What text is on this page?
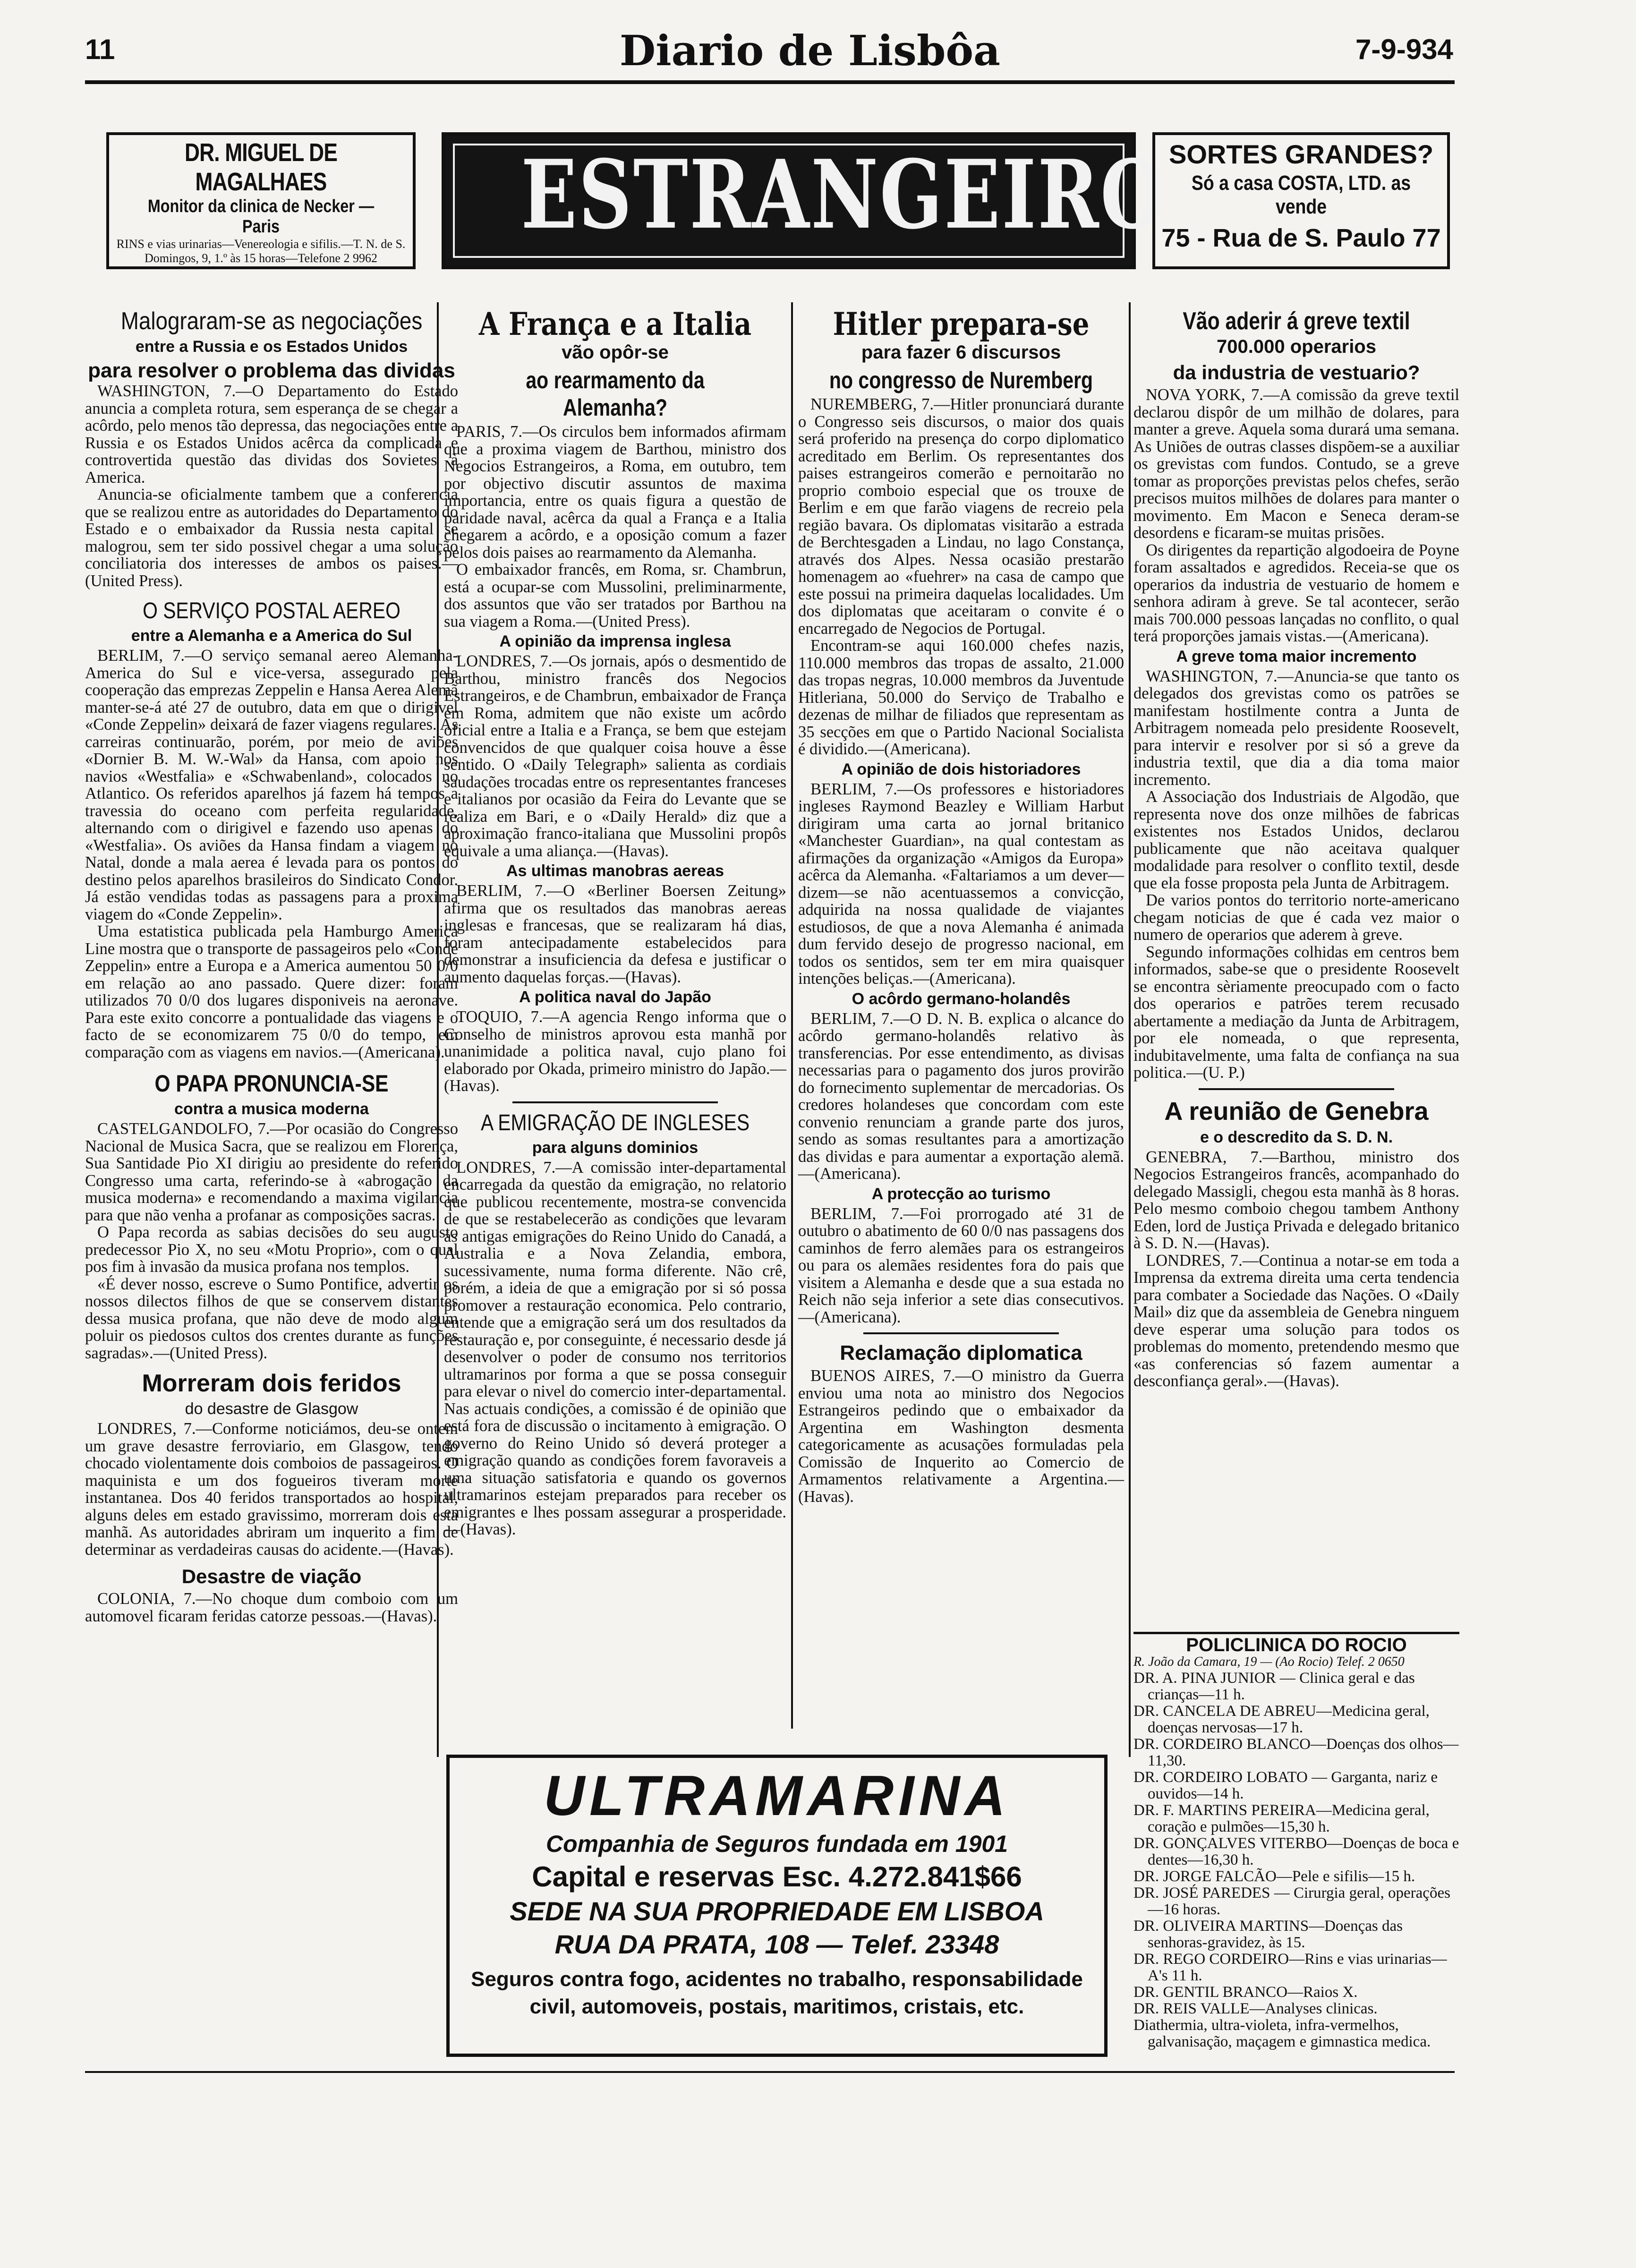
11	Diario de Lisbôa	7-9-934
DR. MIGUEL DE MAGALHAES
Monitor da clinica de Necker — Paris
RINS e vias urinarias—Venereologia e sifilis.—T. N. de S. Domingos, 9, 1.º às 15 horas—Telefone 2 9962
ESTRANGEIRO SORTES GRANDES?
Só a casa COSTA, LTD. as vende
75 - Rua de S. Paulo 77
Malograram-se as negociações
entre a Russia e os Estados Unidos
para resolver o problema das dividas

WASHINGTON, 7.—O Departamento do Estado anuncia a completa rotura, sem esperança de se chegar a acôrdo, pelo menos tão depressa, das negociações entre a Russia e os Estados Unidos acêrca da complicada e controvertida questão das dividas dos Sovietes à America.

Anuncia-se oficialmente tambem que a conferencia que se realizou entre as autoridades do Departamento do Estado e o embaixador da Russia nesta capital se malogrou, sem ter sido possivel chegar a uma solução conciliatoria dos interesses de ambos os paises.—(United Press).

O SERVIÇO POSTAL AEREO
entre a Alemanha e a America do Sul

BERLIM, 7.—O serviço semanal aereo Alemanha-America do Sul e vice-versa, assegurado pela cooperação das emprezas Zeppelin e Hansa Aerea Alemã manter-se-á até 27 de outubro, data em que o dirigivel «Conde Zeppelin» deixará de fazer viagens regulares. As carreiras continuarão, porém, por meio de aviões «Dornier B. M. W.-Wal» da Hansa, com apoio nos navios «Westfalia» e «Schwabenland», colocados no Atlantico. Os referidos aparelhos já fazem há tempos a travessia do oceano com perfeita regularidade, alternando com o dirigivel e fazendo uso apenas do «Westfalia». Os aviões da Hansa findam a viagem no Natal, donde a mala aerea é levada para os pontos do destino pelos aparelhos brasileiros do Sindicato Condor. Já estão vendidas todas as passagens para a proxima viagem do «Conde Zeppelin».

Uma estatistica publicada pela Hamburgo America Line mostra que o transporte de passageiros pelo «Conde Zeppelin» entre a Europa e a America aumentou 50 0/0 em relação ao ano passado. Quere dizer: foram utilizados 70 0/0 dos lugares disponiveis na aeronave. Para este exito concorre a pontualidade das viagens e o facto de se economizarem 75 0/0 do tempo, em comparação com as viagens em navios.—(Americana).

O PAPA PRONUNCIA-SE
contra a musica moderna

CASTELGANDOLFO, 7.—Por ocasião do Congresso Nacional de Musica Sacra, que se realizou em Florença, Sua Santidade Pio XI dirigiu ao presidente do referido Congresso uma carta, referindo-se à «abrogação da musica moderna» e recomendando a maxima vigilancia para que não venha a profanar as composições sacras.

O Papa recorda as sabias decisões do seu augusto predecessor Pio X, no seu «Motu Proprio», com o qual pos fim à invasão da musica profana nos templos.

«É dever nosso, escreve o Sumo Pontifice, advertir os nossos dilectos filhos de que se conservem distantes dessa musica profana, que não deve de modo algum poluir os piedosos cultos dos crentes durante as funções sagradas».—(United Press).

Morreram dois feridos
do desastre de Glasgow

LONDRES, 7.—Conforme noticiámos, deu-se ontem um grave desastre ferroviario, em Glasgow, tendo chocado violentamente dois comboios de passageiros. O maquinista e um dos fogueiros tiveram morte instantanea. Dos 40 feridos transportados ao hospital, alguns deles em estado gravissimo, morreram dois esta manhã. As autoridades abriram um inquerito a fim de determinar as verdadeiras causas do acidente.—(Havas).

Desastre de viação

COLONIA, 7.—No choque dum comboio com um automovel ficaram feridas catorze pessoas.—(Havas).

A França e a Italia
vão opôr-se
ao rearmamento da Alemanha?

PARIS, 7.—Os circulos bem informados afirmam que a proxima viagem de Barthou, ministro dos Negocios Estrangeiros, a Roma, em outubro, tem por objectivo discutir assuntos de maxima importancia, entre os quais figura a questão de paridade naval, acêrca da qual a França e a Italia chegarem a acôrdo, e a oposição comum a fazer pelos dois paises ao rearmamento da Alemanha.

O embaixador francês, em Roma, sr. Chambrun, está a ocupar-se com Mussolini, preliminarmente, dos assuntos que vão ser tratados por Barthou na sua viagem a Roma.—(United Press).

A opinião da imprensa inglesa

LONDRES, 7.—Os jornais, após o desmentido de Barthou, ministro francês dos Negocios Estrangeiros, e de Chambrun, embaixador de França em Roma, admitem que não existe um acôrdo oficial entre a Italia e a França, se bem que estejam convencidos de que qualquer coisa houve a êsse sentido. O «Daily Telegraph» salienta as cordiais saudações trocadas entre os representantes franceses e italianos por ocasião da Feira do Levante que se realiza em Bari, e o «Daily Herald» diz que a aproximação franco-italiana que Mussolini propôs equivale a uma aliança.—(Havas).

As ultimas manobras aereas

BERLIM, 7.—O «Berliner Boersen Zeitung» afirma que os resultados das manobras aereas inglesas e francesas, que se realizaram há dias, foram antecipadamente estabelecidos para demonstrar a insuficiencia da defesa e justificar o aumento daquelas forças.—(Havas).

A politica naval do Japão

TOQUIO, 7.—A agencia Rengo informa que o Conselho de ministros aprovou esta manhã por unanimidade a politica naval, cujo plano foi elaborado por Okada, primeiro ministro do Japão.—(Havas).

A EMIGRAÇÃO DE INGLESES
para alguns dominios

LONDRES, 7.—A comissão inter-departamental encarregada da questão da emigração, no relatorio que publicou recentemente, mostra-se convencida de que se restabelecerão as condições que levaram às antigas emigrações do Reino Unido do Canadá, a Australia e a Nova Zelandia, embora, sucessivamente, numa forma diferente. Não crê, porém, a ideia de que a emigração por si só possa promover a restauração economica. Pelo contrario, entende que a emigração será um dos resultados da restauração e, por conseguinte, é necessario desde já desenvolver o poder de consumo nos territorios ultramarinos por forma a que se possa conseguir para elevar o nivel do comercio inter-departamental. Nas actuais condições, a comissão é de opinião que está fora de discussão o incitamento à emigração. O governo do Reino Unido só deverá proteger a emigração quando as condições forem favoraveis a uma situação satisfatoria e quando os governos ultramarinos estejam preparados para receber os emigrantes e lhes possam assegurar a prosperidade.—(Havas).

Hitler prepara-se
para fazer 6 discursos
no congresso de Nuremberg

NUREMBERG, 7.—Hitler pronunciará durante o Congresso seis discursos, o maior dos quais será proferido na presença do corpo diplomatico acreditado em Berlim. Os representantes dos paises estrangeiros comerão e pernoitarão no proprio comboio especial que os trouxe de Berlim e em que farão viagens de recreio pela região bavara. Os diplomatas visitarão a estrada de Berchtesgaden a Lindau, no lago Constança, através dos Alpes. Nessa ocasião prestarão homenagem ao «fuehrer» na casa de campo que este possui na primeira daquelas localidades. Um dos diplomatas que aceitaram o convite é o encarregado de Negocios de Portugal.

Encontram-se aqui 160.000 chefes nazis, 110.000 membros das tropas de assalto, 21.000 das tropas negras, 10.000 membros da Juventude Hitleriana, 50.000 do Serviço de Trabalho e dezenas de milhar de filiados que representam as 35 secções em que o Partido Nacional Socialista é dividido.—(Americana).

A opinião de dois historiadores

BERLIM, 7.—Os professores e historiadores ingleses Raymond Beazley e William Harbut dirigiram uma carta ao jornal britanico «Manchester Guardian», na qual contestam as afirmações da organização «Amigos da Europa» acêrca da Alemanha. «Faltariamos a um dever—dizem—se não acentuassemos a convicção, adquirida na nossa qualidade de viajantes estudiosos, de que a nova Alemanha é animada dum fervido desejo de progresso nacional, em todos os sentidos, sem ter em mira quaisquer intenções beliças.—(Americana).

O acôrdo germano-holandês

BERLIM, 7.—O D. N. B. explica o alcance do acôrdo germano-holandês relativo às transferencias. Por esse entendimento, as divisas necessarias para o pagamento dos juros provirão do fornecimento suplementar de mercadorias. Os credores holandeses que concordam com este convenio renunciam a grande parte dos juros, sendo as somas resultantes para a amortização das dividas e para aumentar a exportação alemã.—(Americana).

A protecção ao turismo

BERLIM, 7.—Foi prorrogado até 31 de outubro o abatimento de 60 0/0 nas passagens dos caminhos de ferro alemães para os estrangeiros ou para os alemães residentes fora do pais que visitem a Alemanha e desde que a sua estada no Reich não seja inferior a sete dias consecutivos.—(Americana).

Reclamação diplomatica

BUENOS AIRES, 7.—O ministro da Guerra enviou uma nota ao ministro dos Negocios Estrangeiros pedindo que o embaixador da Argentina em Washington desmenta categoricamente as acusações formuladas pela Comissão de Inquerito ao Comercio de Armamentos relativamente a Argentina.—(Havas).

Vão aderir á greve textil
700.000 operarios
da industria de vestuario?

NOVA YORK, 7.—A comissão da greve textil declarou dispôr de um milhão de dolares, para manter a greve. Aquela soma durará uma semana. As Uniões de outras classes dispõem-se a auxiliar os grevistas com fundos. Contudo, se a greve tomar as proporções previstas pelos chefes, serão precisos muitos milhões de dolares para manter o movimento. Em Macon e Seneca deram-se desordens e ficaram-se muitas prisões.

Os dirigentes da repartição algodoeira de Poyne foram assaltados e agredidos. Receia-se que os operarios da industria de vestuario de homem e senhora adiram à greve. Se tal acontecer, serão mais 700.000 pessoas lançadas no conflito, o qual terá proporções jamais vistas.—(Americana).

A greve toma maior incremento

WASHINGTON, 7.—Anuncia-se que tanto os delegados dos grevistas como os patrões se manifestam hostilmente contra a Junta de Arbitragem nomeada pelo presidente Roosevelt, para intervir e resolver por si só a greve da industria textil, que dia a dia toma maior incremento.

A Associação dos Industriais de Algodão, que representa nove dos onze milhões de fabricas existentes nos Estados Unidos, declarou publicamente que não aceitava qualquer modalidade para resolver o conflito textil, desde que ela fosse proposta pela Junta de Arbitragem.

De varios pontos do territorio norte-americano chegam noticias de que é cada vez maior o numero de operarios que aderem à greve.

Segundo informações colhidas em centros bem informados, sabe-se que o presidente Roosevelt se encontra sèriamente preocupado com o facto dos operarios e patrões terem recusado abertamente a mediação da Junta de Arbitragem, por ele nomeada, o que representa, indubitavelmente, uma falta de confiança na sua politica.—(U. P.)

A reunião de Genebra
e o descredito da S. D. N.

GENEBRA, 7.—Barthou, ministro dos Negocios Estrangeiros francês, acompanhado do delegado Massigli, chegou esta manhã às 8 horas. Pelo mesmo comboio chegou tambem Anthony Eden, lord de Justiça Privada e delegado britanico à S. D. N.—(Havas).

LONDRES, 7.—Continua a notar-se em toda a Imprensa da extrema direita uma certa tendencia para combater a Sociedade das Nações. O «Daily Mail» diz que da assembleia de Genebra ninguem deve esperar uma solução para todos os problemas do momento, pretendendo mesmo que «as conferencias só fazem aumentar a desconfiança geral».—(Havas).

POLICLINICA DO ROCIO
R. João da Camara, 19 — (Ao Rocio) Telef. 2 0650
DR. A. PINA JUNIOR — Clinica geral e das crianças—11 h.
DR. CANCELA DE ABREU—Medicina geral, doenças nervosas—17 h.
DR. CORDEIRO BLANCO—Doenças dos olhos—11,30.
DR. CORDEIRO LOBATO — Garganta, nariz e ouvidos—14 h.
DR. F. MARTINS PEREIRA—Medicina geral, coração e pulmões—15,30 h.
DR. GONÇALVES VITERBO—Doenças de boca e dentes—16,30 h.
DR. JORGE FALCÃO—Pele e sifilis—15 h.
DR. JOSÉ PAREDES — Cirurgia geral, operações—16 horas.
DR. OLIVEIRA MARTINS—Doenças das senhoras-gravidez, às 15.
DR. REGO CORDEIRO—Rins e vias urinarias—A's 11 h.
DR. GENTIL BRANCO—Raios X.
DR. REIS VALLE—Analyses clinicas.
Diathermia, ultra-violeta, infra-vermelhos, galvanisação, maçagem e gimnastica medica.
ULTRAMARINA
Companhia de Seguros fundada em 1901
Capital e reservas Esc. 4.272.841$66
SEDE NA SUA PROPRIEDADE EM LISBOA
RUA DA PRATA, 108 — Telef. 23348
Seguros contra fogo, acidentes no trabalho, responsabilidade civil, automoveis, postais, maritimos, cristais, etc.
